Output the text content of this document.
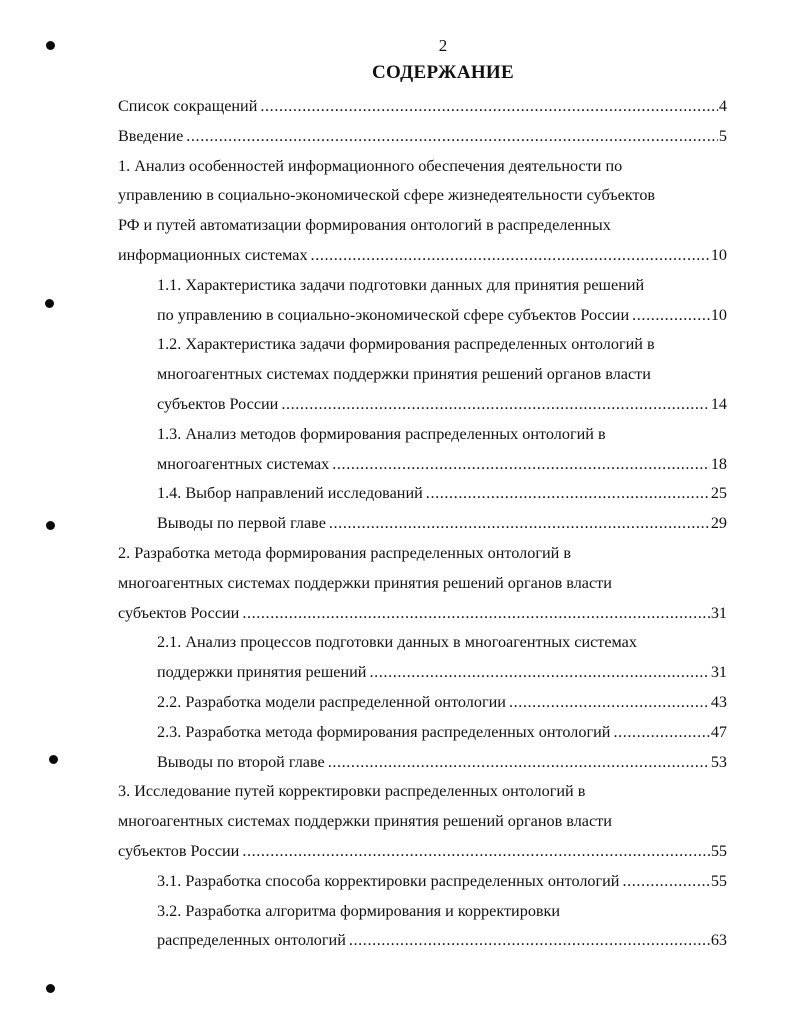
2
СОДЕРЖАНИЕ
Список сокращений .....	4
Введение .....	5
1. Анализ особенностей информационного обеспечения деятельности по
управлению в социально-экономической сфере жизнедеятельности субъектов
РФ и путей автоматизации формирования онтологий в распределенных
информационных системах .....	10
1.1. Характеристика задачи подготовки данных для принятия решений
по управлению в социально-экономической сфере субъектов России .....	10
1.2. Характеристика задачи формирования распределенных онтологий в
многоагентных системах поддержки принятия решений органов власти
субъектов России .....	14
1.3. Анализ методов формирования распределенных онтологий в
многоагентных системах .....	18
1.4. Выбор направлений исследований .....	25
Выводы по первой главе .....	29
2. Разработка метода формирования распределенных онтологий в
многоагентных системах поддержки принятия решений органов власти
субъектов России .....	31
2.1. Анализ процессов подготовки данных в многоагентных системах
поддержки принятия решений .....	31
2.2. Разработка модели распределенной онтологии .....	43
2.3. Разработка метода формирования распределенных онтологий .....	47
Выводы по второй главе .....	53
3. Исследование путей корректировки распределенных онтологий в
многоагентных системах поддержки принятия решений органов власти
субъектов России .....	55
3.1. Разработка способа корректировки распределенных онтологий .....	55
3.2. Разработка алгоритма формирования и корректировки
распределенных онтологий .....	63
